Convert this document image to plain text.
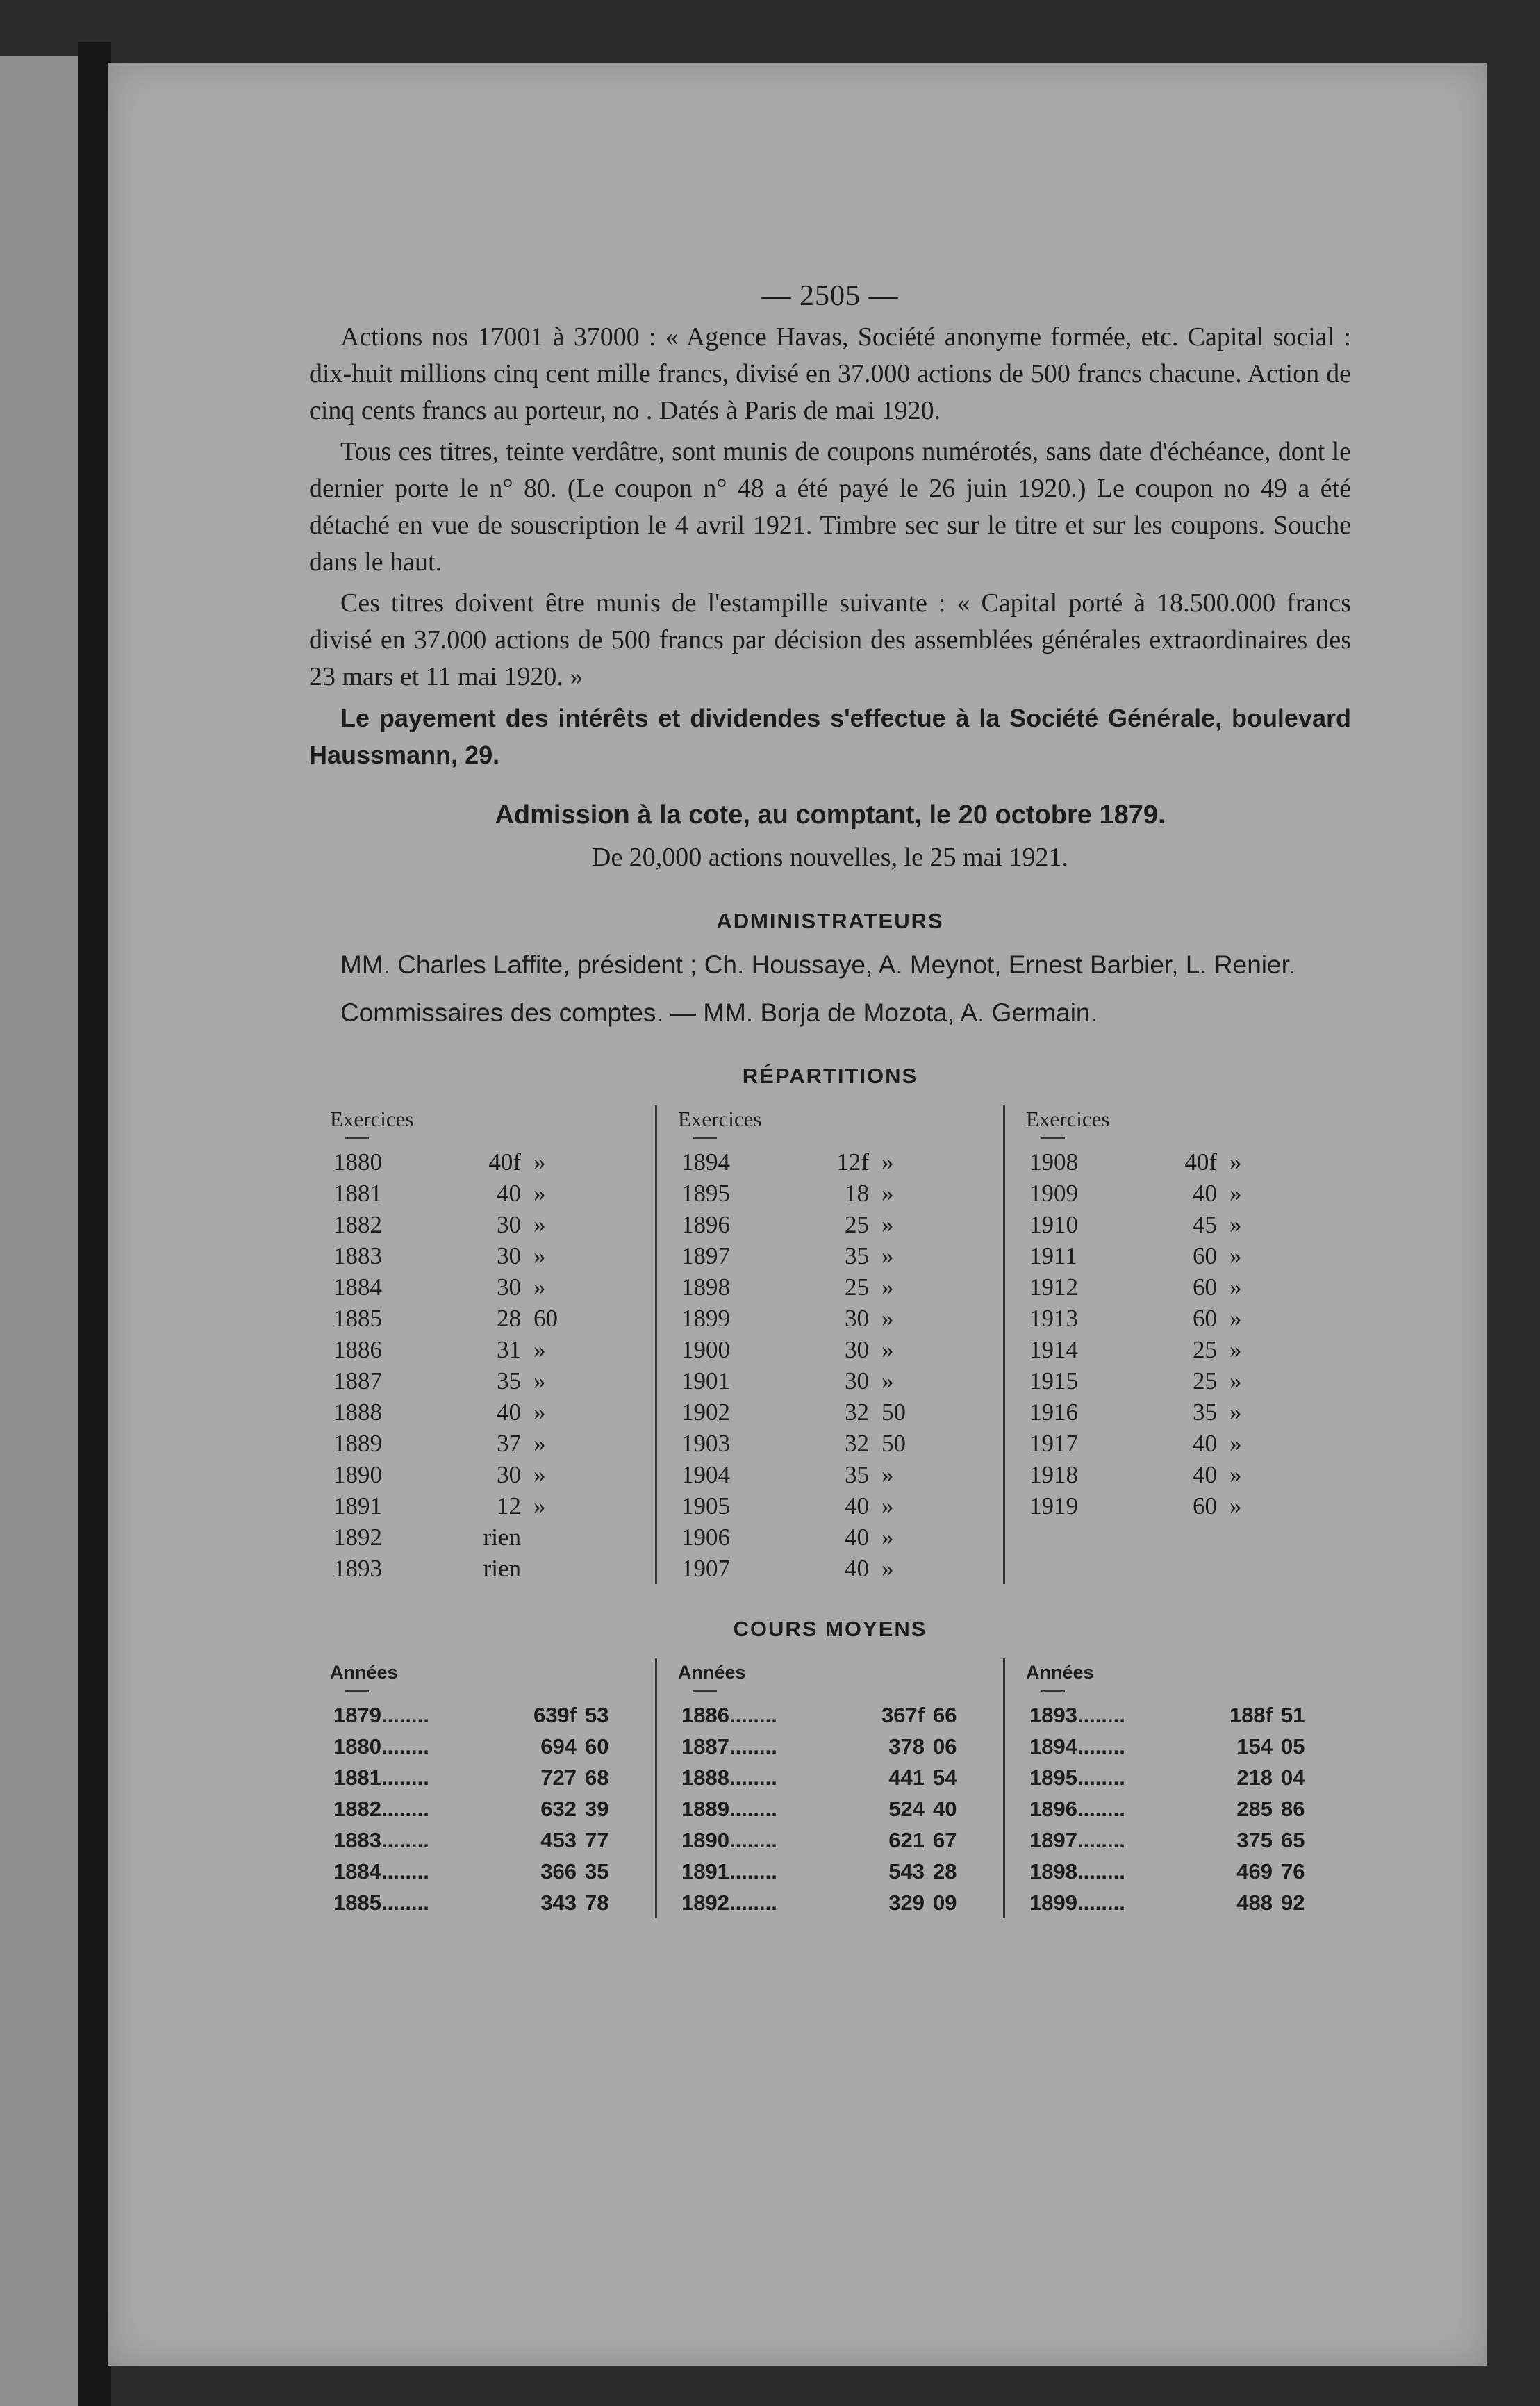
— 2505 —

Actions nos 17001 à 37000 : « Agence Havas, Société anonyme formée, etc. Capital social : dix-huit millions cinq cent mille francs, divisé en 37.000 actions de 500 francs chacune. Action de cinq cents francs au porteur, no . Datés à Paris de mai 1920.

Tous ces titres, teinte verdâtre, sont munis de coupons numérotés, sans date d'échéance, dont le dernier porte le n° 80. (Le coupon n° 48 a été payé le 26 juin 1920.) Le coupon no 49 a été détaché en vue de souscription le 4 avril 1921. Timbre sec sur le titre et sur les coupons. Souche dans le haut.

Ces titres doivent être munis de l'estampille suivante : « Capital porté à 18.500.000 francs divisé en 37.000 actions de 500 francs par décision des assemblées générales extraordinaires des 23 mars et 11 mai 1920. »

Le payement des intérêts et dividendes s'effectue à la Société Générale, boulevard Haussmann, 29.

Admission à la cote, au comptant, le 20 octobre 1879.
De 20,000 actions nouvelles, le 25 mai 1921.
ADMINISTRATEURS

MM. Charles Laffite, président ; Ch. Houssaye, A. Meynot, Ernest Barbier, L. Renier.

Commissaires des comptes. — MM. Borja de Mozota, A. Germain.

RÉPARTITIONS
Exercices
1880	40f »
1881	40 »
1882	30 »
1883	30 »
1884	30 »
1885	28 60
1886	31 »
1887	35 »
1888	40 »
1889	37 »
1890	30 »
1891	12 »
1892	rien
1893	rien
Exercices
1894	12f »
1895	18 »
1896	25 »
1897	35 »
1898	25 »
1899	30 »
1900	30 »
1901	30 »
1902	32 50
1903	32 50
1904	35 »
1905	40 »
1906	40 »
1907	40 »
Exercices
1908	40f »
1909	40 »
1910	45 »
1911	60 »
1912	60 »
1913	60 »
1914	25 »
1915	25 »
1916	35 »
1917	40 »
1918	40 »
1919	60 »
COURS MOYENS
Années
1879........	639f 53
1880........	694 60
1881........	727 68
1882........	632 39
1883........	453 77
1884........	366 35
1885........	343 78
Années
1886........	367f 66
1887........	378 06
1888........	441 54
1889........	524 40
1890........	621 67
1891........	543 28
1892........	329 09
Années
1893........	188f 51
1894........	154 05
1895........	218 04
1896........	285 86
1897........	375 65
1898........	469 76
1899........	488 92
